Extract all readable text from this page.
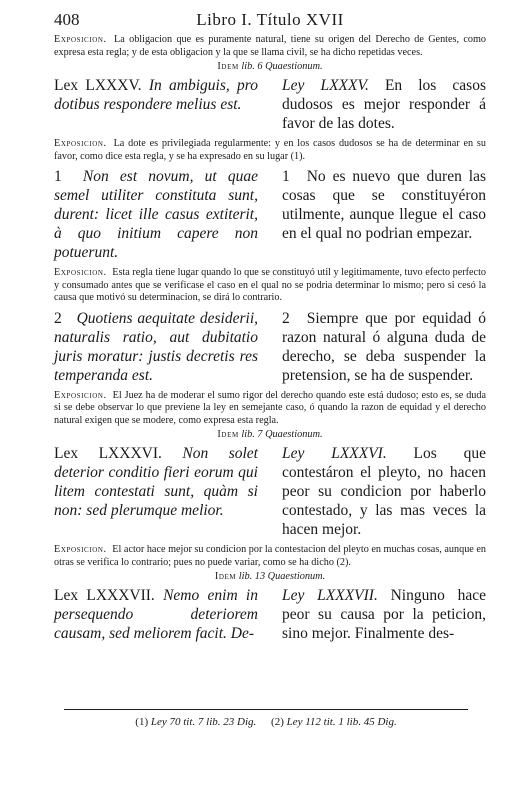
408	Libro I. Título XVII

Exposicion. La obligacion que es puramente natural, tiene su origen del Derecho de Gentes, como expresa esta regla; y de esta obligacion y la que se llama civil, se ha dicho repetidas veces.

Idem lib. 6 Quaestionum.
Lex LXXXV. In ambiguis, pro dotibus respondere melius est.
Ley LXXXV. En los casos dudosos es mejor responder á favor de las dotes.

Exposicion. La dote es privilegiada regularmente: y en los casos dudosos se ha de determinar en su favor, como dice esta regla, y se ha expresado en su lugar (1).

1 Non est novum, ut quae semel utiliter constituta sunt, durent: licet ille casus extiterit, à quo initium capere non potuerunt.
1 No es nuevo que duren las cosas que se constituyéron utilmente, aunque llegue el caso en el qual no podrian empezar.

Exposicion. Esta regla tiene lugar quando lo que se constituyó util y legitimamente, tuvo efecto perfecto y consumado antes que se verificase el caso en el qual no se podria determinar lo mismo; pero si cesó la causa que motivó su determinacion, se dirá lo contrario.

2 Quotiens aequitate desiderii, naturalis ratio, aut dubitatio juris moratur: justis decretis res temperanda est.
2 Siempre que por equidad ó razon natural ó alguna duda de derecho, se deba suspender la pretension, se ha de suspender.

Exposicion. El Juez ha de moderar el sumo rigor del derecho quando este está dudoso; esto es, se duda si se debe observar lo que previene la ley en semejante caso, ó quando la razon de equidad y el derecho natural exigen que se modere, como expresa esta regla.

Idem lib. 7 Quaestionum.
Lex LXXXVI. Non solet deterior conditio fieri eorum qui litem contestati sunt, quàm si non: sed plerumque melior.
Ley LXXXVI. Los que contestáron el pleyto, no hacen peor su condicion por haberlo contestado, y las mas veces la hacen mejor.

Exposicion. El actor hace mejor su condicion por la contestacion del pleyto en muchas cosas, aunque en otras se verifica lo contrario; pues no puede variar, como se ha dicho (2).

Idem lib. 13 Quaestionum.
Lex LXXXVII. Nemo enim in persequendo deteriorem causam, sed meliorem facit. De-
Ley LXXXVII. Ninguno hace peor su causa por la peticion, sino mejor. Finalmente des-
(1) Ley 70 tit. 7 lib. 23 Dig. (2) Ley 112 tit. 1 lib. 45 Dig.
